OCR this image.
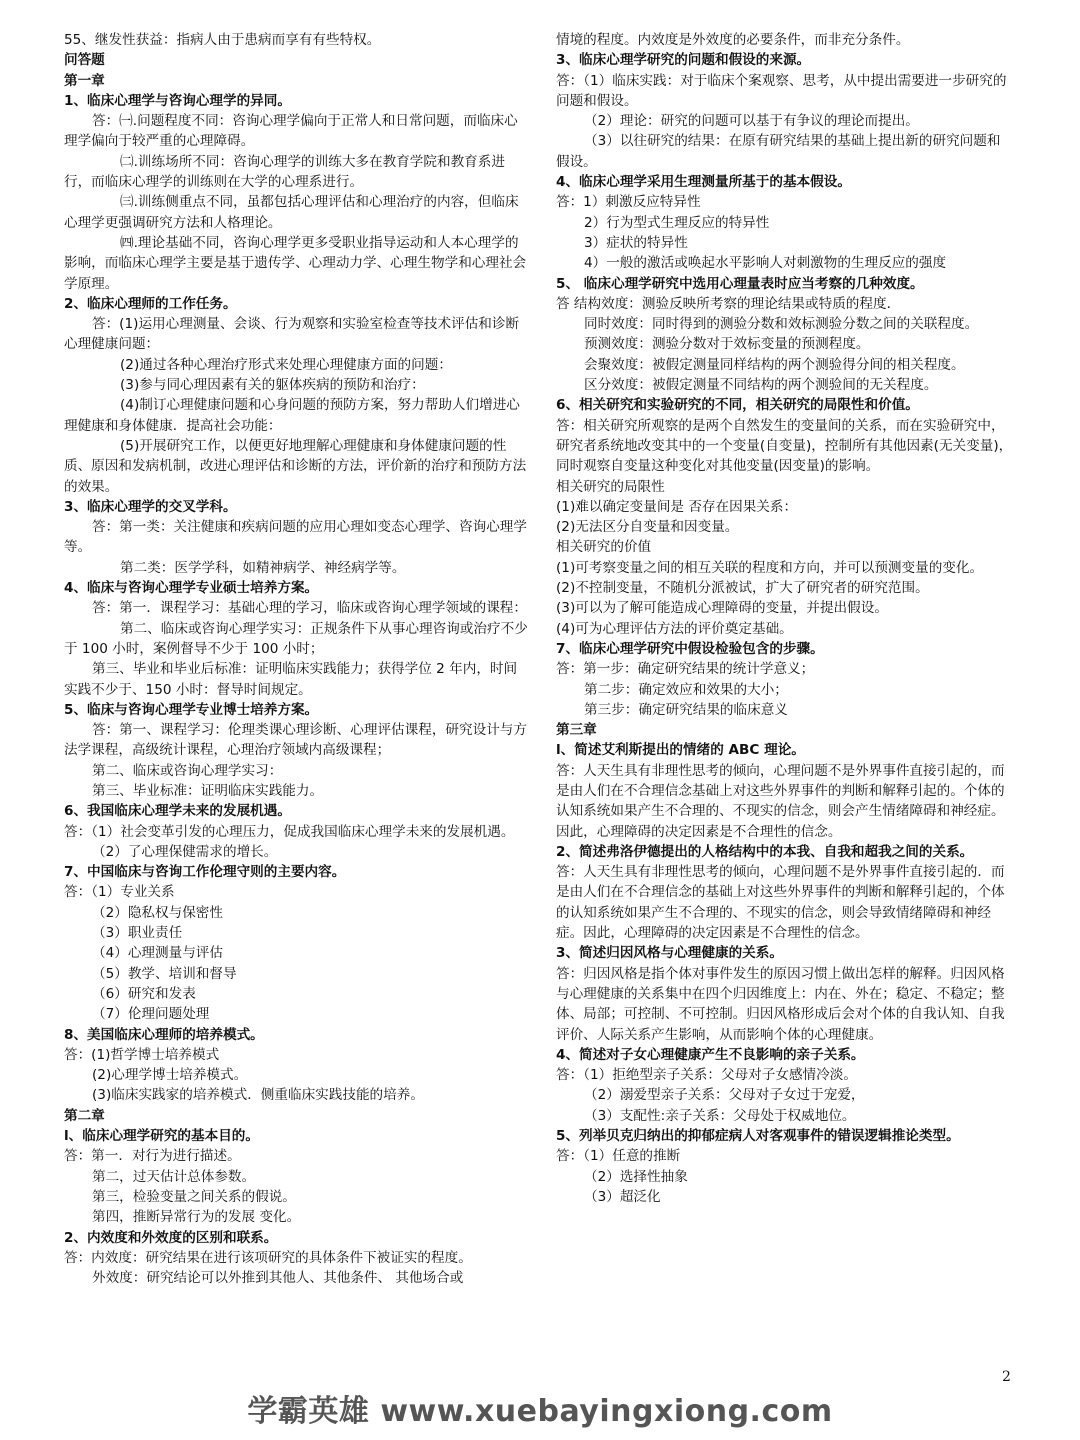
55、继发性获益：指病人由于患病而享有有些特权。

问答题

第一章

1、临床心理学与咨询心理学的异同。

答：㈠.问题程度不同：咨询心理学偏向于正常人和日常问题，而临床心理学偏向于较严重的心理障碍。

㈡.训练场所不同：咨询心理学的训练大多在教育学院和教育系进行，而临床心理学的训练则在大学的心理系进行。

㈢.训练侧重点不同，虽都包括心理评估和心理治疗的内容，但临床心理学更强调研究方法和人格理论。

㈣.理论基础不同，咨询心理学更多受职业指导运动和人本心理学的影响，而临床心理学主要是基于遗传学、心理动力学、心理生物学和心理社会学原理。

2、临床心理师的工作任务。

答：(1)运用心理测量、会谈、行为观察和实验室检查等技术评估和诊断心理健康问题：

(2)通过各种心理治疗形式来处理心理健康方面的问题：

(3)参与同心理因素有关的躯体疾病的预防和治疗：

(4)制订心理健康问题和心身问题的预防方案，努力帮助人们增进心理健康和身体健康．提高社会功能：

(5)开展研究工作，以便更好地理解心理健康和身体健康问题的性质、原因和发病机制，改进心理评估和诊断的方法，评价新的治疗和预防方法的效果。

3、临床心理学的交叉学科。

答：第一类：关注健康和疾病问题的应用心理如变态心理学、咨询心理学等。

第二类：医学学科，如精神病学、神经病学等。

4、临床与咨询心理学专业硕士培养方案。

答：第一．课程学习：基础心理的学习，临床或咨询心理学领域的课程：

第二、临床或咨询心理学实习：正规条件下从事心理咨询或治疗不少于 100 小时，案例督导不少于 100 小时；

第三、毕业和毕业后标准：证明临床实践能力；获得学位 2 年内，时间实践不少于、150 小时：督导时间规定。

5、临床与咨询心理学专业博士培养方案。

答：第一、课程学习：伦理类课心理诊断、心理评估课程，研究设计与方法学课程，高级统计课程，心理治疗领域内高级课程；

第二、临床或咨询心理学实习：

第三、毕业标准：证明临床实践能力。

6、我国临床心理学未来的发展机遇。

答：（1）社会变革引发的心理压力，促成我国临床心理学未来的发展机遇。

（2）了心理保健需求的增长。

7、中国临床与咨询工作伦理守则的主要内容。

答：（1）专业关系

（2）隐私权与保密性

（3）职业责任

（4）心理测量与评估

（5）教学、培训和督导

（6）研究和发表

（7）伦理问题处理

8、美国临床心理师的培养模式。

答：(1)哲学博士培养模式

(2)心理学博士培养模式。

(3)临床实践家的培养模式．侧重临床实践技能的培养。

第二章

l、临床心理学研究的基本目的。

答：第一．对行为进行描述。

第二，过天估计总体参数。

第三，检验变量之间关系的假说。

第四，推断异常行为的发展 变化。

2、内效度和外效度的区别和联系。

答：内效度：研究结果在进行该项研究的具体条件下被证实的程度。

外效度：研究结论可以外推到其他人、其他条件、 其他场合或

情境的程度。内效度是外效度的必要条件，而非充分条件。

3、临床心理学研究的问题和假设的来源。

答：（1）临床实践：对于临床个案观察、思考，从中提出需要进一步研究的问题和假设。

（2）理论：研究的问题可以基于有争议的理论而提出。

（3）以往研究的结果：在原有研究结果的基础上提出新的研究问题和假设。

4、临床心理学采用生理测量所基于的基本假设。

答：1）刺激反应特异性

2）行为型式生理反应的特异性

3）症状的特异性

4）一般的激活或唤起水平影响人对刺激物的生理反应的强度

5、 临床心理学研究中选用心理量表时应当考察的几种效度。

答 结构效度：测验反映所考察的理论结果或特质的程度．

同时效度：同时得到的测验分数和效标测验分数之间的关联程度。

预测效度：测验分数对于效标变量的预测程度。

会聚效度：被假定测量同样结构的两个测验得分间的相关程度。

区分效度：被假定测量不同结构的两个测验间的无关程度。

6、相关研究和实验研究的不同，相关研究的局限性和价值。

答：相关研究所观察的是两个自然发生的变量间的关系，而在实验研究中，研究者系统地改变其中的一个变量(自变量)，控制所有其他因素(无关变量)，同时观察自变量这种变化对其他变量(因变量)的影响。

相关研究的局限性

(1)难以确定变量间是 否存在因果关系：

(2)无法区分自变量和因变量。

相关研究的价值

(1)可考察变量之间的相互关联的程度和方向，并可以预测变量的变化。

(2)不控制变量，不随机分派被试，扩大了研究者的研究范围。

(3)可以为了解可能造成心理障碍的变量，并提出假设。

(4)可为心理评估方法的评价奠定基础。

7、临床心理学研究中假设检验包含的步骤。

答：第一步：确定研究结果的统计学意义；

第二步：确定效应和效果的大小；

第三步：确定研究结果的临床意义

第三章

l、简述艾利斯提出的情绪的 ABC 理论。

答：人天生具有非理性思考的倾向，心理问题不是外界事件直接引起的，而是由人们在不合理信念基础上对这些外界事件的判断和解释引起的。个体的认知系统如果产生不合理的、不现实的信念，则会产生情绪障碍和神经症。因此，心理障碍的决定因素是不合理性的信念。

2、简述弗洛伊德提出的人格结构中的本我、自我和超我之间的关系。

答：人天生具有非理性思考的倾向，心理问题不是外界事件直接引起的．而是由人们在不合理信念的基础上对这些外界事件的判断和解释引起的，个体的认知系统如果产生不合理的、不现实的信念，则会导致情绪障碍和神经症。因此，心理障碍的决定因素是不合理性的信念。

3、简述归因风格与心理健康的关系。

答：归因风格是指个体对事件发生的原因习惯上做出怎样的解释。归因风格与心理健康的关系集中在四个归因维度上：内在、外在；稳定、不稳定；整体、局部；可控制、不可控制。归因风格形成后会对个体的自我认知、自我评价、人际关系产生影响，从而影响个体的心理健康。

4、简述对子女心理健康产生不良影响的亲子关系。

答：（1）拒绝型亲子关系：父母对子女感情冷淡。

（2）溺爱型亲子关系：父母对子女过于宠爱，

（3）支配性:亲子关系：父母处于权威地位。

5、列举贝克归纳出的抑郁症病人对客观事件的错误逻辑推论类型。

答：（1）任意的推断

（2）选择性抽象

（3）超泛化

2
学霸英雄 www.xuebayingxiong.com
